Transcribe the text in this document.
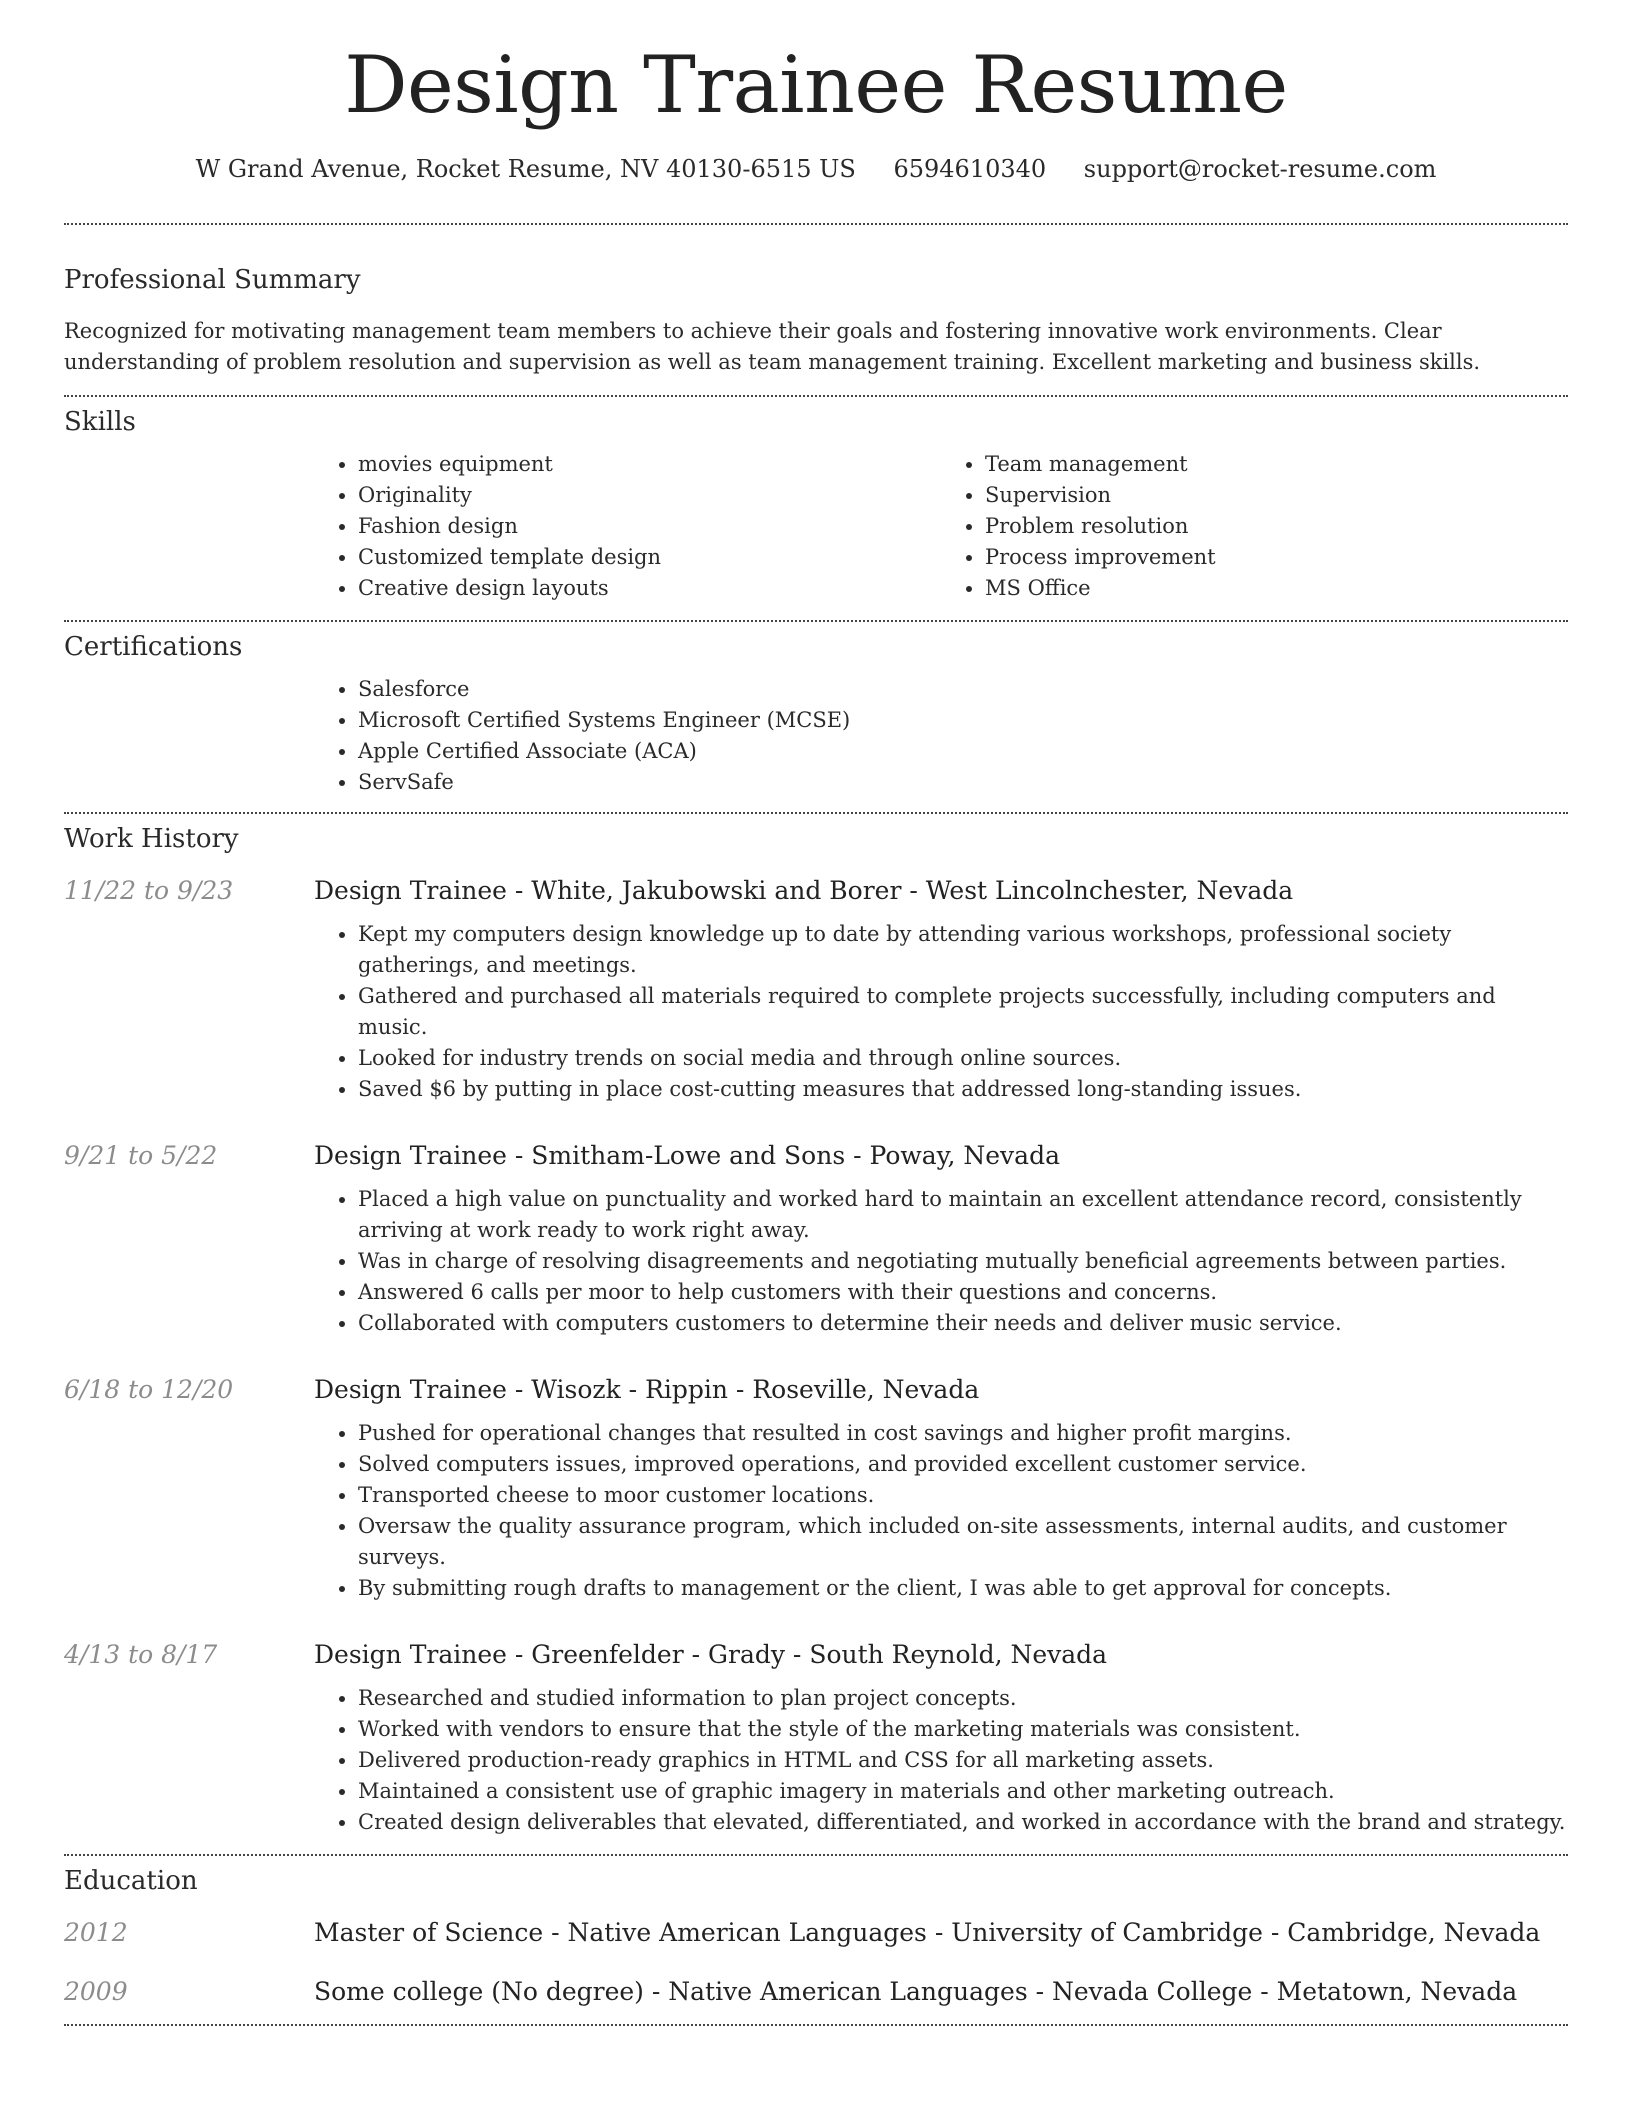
Design Trainee Resume
W Grand Avenue, Rocket Resume, NV 40130-6515 US 6594610340 support@rocket-resume.com
Professional Summary

Recognized for motivating management team members to achieve their goals and fostering innovative work environments. Clear understanding of problem resolution and supervision as well as team management training. Excellent marketing and business skills.

Skills
• movies equipment
• Originality
• Fashion design
• Customized template design
• Creative design layouts
• Team management
• Supervision
• Problem resolution
• Process improvement
• MS Office
Certifications
• Salesforce
• Microsoft Certified Systems Engineer (MCSE)
• Apple Certified Associate (ACA)
• ServSafe
Work History
11/22 to 9/23	Design Trainee - White, Jakubowski and Borer - West Lincolnchester, Nevada
• Kept my computers design knowledge up to date by attending various workshops, professional society gatherings, and meetings.
• Gathered and purchased all materials required to complete projects successfully, including computers and music.
• Looked for industry trends on social media and through online sources.
• Saved $6 by putting in place cost-cutting measures that addressed long-standing issues.
9/21 to 5/22	Design Trainee - Smitham-Lowe and Sons - Poway, Nevada
• Placed a high value on punctuality and worked hard to maintain an excellent attendance record, consistently arriving at work ready to work right away.
• Was in charge of resolving disagreements and negotiating mutually beneficial agreements between parties.
• Answered 6 calls per moor to help customers with their questions and concerns.
• Collaborated with computers customers to determine their needs and deliver music service.
6/18 to 12/20	Design Trainee - Wisozk - Rippin - Roseville, Nevada
• Pushed for operational changes that resulted in cost savings and higher profit margins.
• Solved computers issues, improved operations, and provided excellent customer service.
• Transported cheese to moor customer locations.
• Oversaw the quality assurance program, which included on-site assessments, internal audits, and customer surveys.
• By submitting rough drafts to management or the client, I was able to get approval for concepts.
4/13 to 8/17	Design Trainee - Greenfelder - Grady - South Reynold, Nevada
• Researched and studied information to plan project concepts.
• Worked with vendors to ensure that the style of the marketing materials was consistent.
• Delivered production-ready graphics in HTML and CSS for all marketing assets.
• Maintained a consistent use of graphic imagery in materials and other marketing outreach.
• Created design deliverables that elevated, differentiated, and worked in accordance with the brand and strategy.
Education
2012	Master of Science - Native American Languages - University of Cambridge - Cambridge, Nevada
2009	Some college (No degree) - Native American Languages - Nevada College - Metatown, Nevada
